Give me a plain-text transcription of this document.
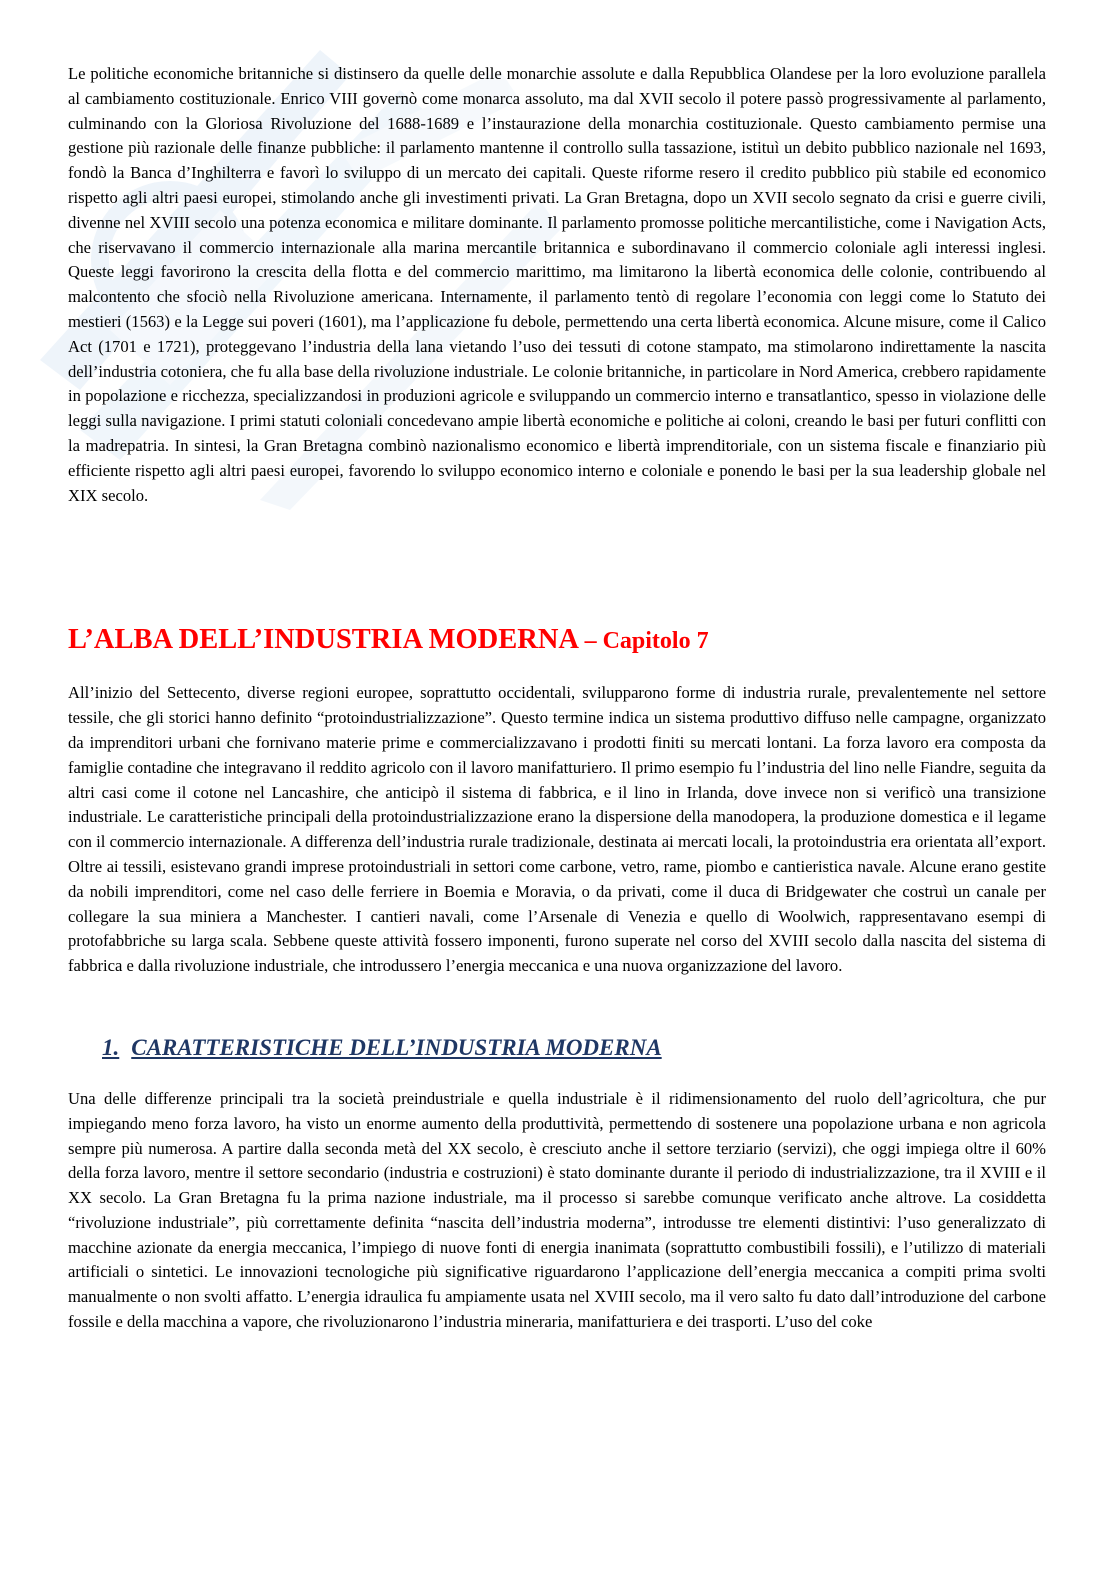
Le politiche economiche britanniche si distinsero da quelle delle monarchie assolute e dalla Repubblica Olandese per la loro evoluzione parallela al cambiamento costituzionale. Enrico VIII governò come monarca assoluto, ma dal XVII secolo il potere passò progressivamente al parlamento, culminando con la Gloriosa Rivoluzione del 1688-1689 e l’instaurazione della monarchia costituzionale. Questo cambiamento permise una gestione più razionale delle finanze pubbliche: il parlamento mantenne il controllo sulla tassazione, istituì un debito pubblico nazionale nel 1693, fondò la Banca d’Inghilterra e favorì lo sviluppo di un mercato dei capitali. Queste riforme resero il credito pubblico più stabile ed economico rispetto agli altri paesi europei, stimolando anche gli investimenti privati. La Gran Bretagna, dopo un XVII secolo segnato da crisi e guerre civili, divenne nel XVIII secolo una potenza economica e militare dominante. Il parlamento promosse politiche mercantilistiche, come i Navigation Acts, che riservavano il commercio internazionale alla marina mercantile britannica e subordinavano il commercio coloniale agli interessi inglesi. Queste leggi favorirono la crescita della flotta e del commercio marittimo, ma limitarono la libertà economica delle colonie, contribuendo al malcontento che sfociò nella Rivoluzione americana. Internamente, il parlamento tentò di regolare l’economia con leggi come lo Statuto dei mestieri (1563) e la Legge sui poveri (1601), ma l’applicazione fu debole, permettendo una certa libertà economica. Alcune misure, come il Calico Act (1701 e 1721), proteggevano l’industria della lana vietando l’uso dei tessuti di cotone stampato, ma stimolarono indirettamente la nascita dell’industria cotoniera, che fu alla base della rivoluzione industriale. Le colonie britanniche, in particolare in Nord America, crebbero rapidamente in popolazione e ricchezza, specializzandosi in produzioni agricole e sviluppando un commercio interno e transatlantico, spesso in violazione delle leggi sulla navigazione. I primi statuti coloniali concedevano ampie libertà economiche e politiche ai coloni, creando le basi per futuri conflitti con la madrepatria. In sintesi, la Gran Bretagna combinò nazionalismo economico e libertà imprenditoriale, con un sistema fiscale e finanziario più efficiente rispetto agli altri paesi europei, favorendo lo sviluppo economico interno e coloniale e ponendo le basi per la sua leadership globale nel XIX secolo.

L’ALBA DELL’INDUSTRIA MODERNA – Capitolo 7

All’inizio del Settecento, diverse regioni europee, soprattutto occidentali, svilupparono forme di industria rurale, prevalentemente nel settore tessile, che gli storici hanno definito “protoindustrializzazione”. Questo termine indica un sistema produttivo diffuso nelle campagne, organizzato da imprenditori urbani che fornivano materie prime e commercializzavano i prodotti finiti su mercati lontani. La forza lavoro era composta da famiglie contadine che integravano il reddito agricolo con il lavoro manifatturiero. Il primo esempio fu l’industria del lino nelle Fiandre, seguita da altri casi come il cotone nel Lancashire, che anticipò il sistema di fabbrica, e il lino in Irlanda, dove invece non si verificò una transizione industriale. Le caratteristiche principali della protoindustrializzazione erano la dispersione della manodopera, la produzione domestica e il legame con il commercio internazionale. A differenza dell’industria rurale tradizionale, destinata ai mercati locali, la protoindustria era orientata all’export. Oltre ai tessili, esistevano grandi imprese protoindustriali in settori come carbone, vetro, rame, piombo e cantieristica navale. Alcune erano gestite da nobili imprenditori, come nel caso delle ferriere in Boemia e Moravia, o da privati, come il duca di Bridgewater che costruì un canale per collegare la sua miniera a Manchester. I cantieri navali, come l’Arsenale di Venezia e quello di Woolwich, rappresentavano esempi di protofabbriche su larga scala. Sebbene queste attività fossero imponenti, furono superate nel corso del XVIII secolo dalla nascita del sistema di fabbrica e dalla rivoluzione industriale, che introdussero l’energia meccanica e una nuova organizzazione del lavoro.

1. CARATTERISTICHE DELL’INDUSTRIA MODERNA

Una delle differenze principali tra la società preindustriale e quella industriale è il ridimensionamento del ruolo dell’agricoltura, che pur impiegando meno forza lavoro, ha visto un enorme aumento della produttività, permettendo di sostenere una popolazione urbana e non agricola sempre più numerosa. A partire dalla seconda metà del XX secolo, è cresciuto anche il settore terziario (servizi), che oggi impiega oltre il 60% della forza lavoro, mentre il settore secondario (industria e costruzioni) è stato dominante durante il periodo di industrializzazione, tra il XVIII e il XX secolo. La Gran Bretagna fu la prima nazione industriale, ma il processo si sarebbe comunque verificato anche altrove. La cosiddetta “rivoluzione industriale”, più correttamente definita “nascita dell’industria moderna”, introdusse tre elementi distintivi: l’uso generalizzato di macchine azionate da energia meccanica, l’impiego di nuove fonti di energia inanimata (soprattutto combustibili fossili), e l’utilizzo di materiali artificiali o sintetici. Le innovazioni tecnologiche più significative riguardarono l’applicazione dell’energia meccanica a compiti prima svolti manualmente o non svolti affatto. L’energia idraulica fu ampiamente usata nel XVIII secolo, ma il vero salto fu dato dall’introduzione del carbone fossile e della macchina a vapore, che rivoluzionarono l’industria mineraria, manifatturiera e dei trasporti. L’uso del coke
